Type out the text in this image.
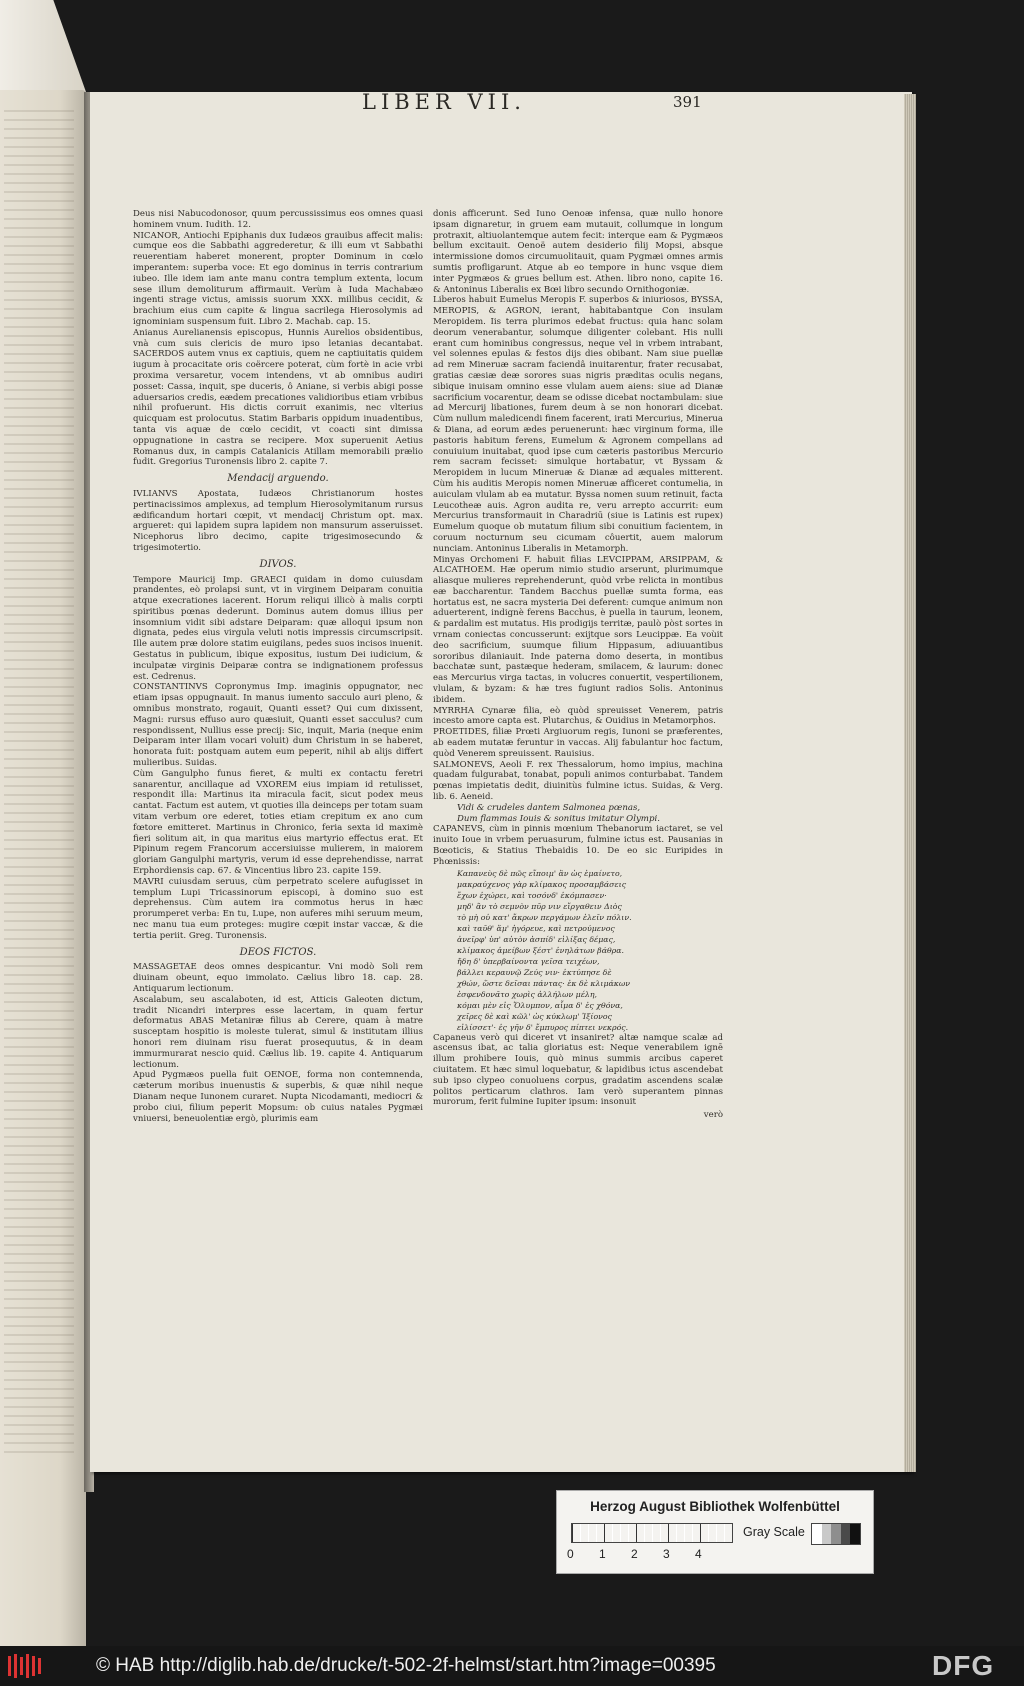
Deus nisi Nabucodonosor, quum percussissimus eos omnes quasi hominem vnum. Iudith. 12.

NICANOR, Antiochi Epiphanis dux Iudæos grauibus affecit malis: cumque eos die Sabbathi aggrederetur, & illi eum vt Sabbathi reuerentiam haberet monerent, propter Dominum in cœlo imperantem: superba voce: Et ego dominus in terris contrarium iubeo. Ille idem iam ante manu contra templum extenta, locum sese illum demoliturum affirmauit. Verùm à Iuda Machabæo ingenti strage victus, amissis suorum XXX. millibus cecidit, & brachium eius cum capite & lingua sacrilega Hierosolymis ad ignominiam suspensum fuit. Libro 2. Machab. cap. 15.

Anianus Aurelianensis episcopus, Hunnis Aurelios obsidentibus, vnà cum suis clericis de muro ipso letanias decantabat. SACERDOS autem vnus ex captiuis, quem ne captiuitatis quidem iugum à procacitate oris coërcere poterat, cùm fortè in acie vrbi proxima versaretur, vocem intendens, vt ab omnibus audiri posset: Cassa, inquit, spe duceris, ô Aniane, si verbis abigi posse aduersarios credis, eædem precationes validioribus etiam vrbibus nihil profuerunt. His dictis corruit exanimis, nec vlterius quicquam est prolocutus. Statim Barbaris oppidum inuadentibus, tanta vis aquæ de cœlo cecidit, vt coacti sint dimissa oppugnatione in castra se recipere. Mox superuenit Aetius Romanus dux, in campis Catalanicis Atillam memorabili prælio fudit. Gregorius Turonensis libro 2. capite 7.

Mendacij arguendo.

IVLIANVS Apostata, Iudæos Christianorum hostes pertinacissimos amplexus, ad templum Hierosolymitanum rursus ædificandum hortari cœpit, vt mendacij Christum opt. max. argueret: qui lapidem supra lapidem non mansurum asseruisset. Nicephorus libro decimo, capite trigesimosecundo & trigesimotertio.

DIVOS.

Tempore Mauricij Imp. GRAECI quidam in domo cuiusdam prandentes, eò prolapsi sunt, vt in virginem Deiparam conuitia atque execrationes iacerent. Horum reliqui illicò à malis corpti spiritibus pœnas dederunt. Dominus autem domus illius per insomnium vidit sibi adstare Deiparam: quæ alloqui ipsum non dignata, pedes eius virgula veluti notis impressis circumscripsit. Ille autem præ dolore statim euigilans, pedes suos incisos inuenit. Gestatus in publicum, ibique expositus, iustum Dei iudicium, & inculpatæ virginis Deiparæ contra se indignationem professus est. Cedrenus.

CONSTANTINVS Copronymus Imp. imaginis oppugnator, nec etiam ipsas oppugnauit. In manus iumento sacculo auri pleno, & omnibus monstrato, rogauit, Quanti esset? Qui cum dixissent, Magni: rursus effuso auro quæsiuit, Quanti esset sacculus? cum respondissent, Nullius esse precij: Sic, inquit, Maria (neque enim Deiparam inter illam vocari voluit) dum Christum in se haberet, honorata fuit: postquam autem eum peperit, nihil ab alijs differt mulieribus. Suidas.

Cùm Gangulpho funus fieret, & multi ex contactu feretri sanarentur, ancillaque ad VXOREM eius impiam id retulisset, respondit illa: Martinus ita miracula facit, sicut podex meus cantat. Factum est autem, vt quoties illa deinceps per totam suam vitam verbum ore ederet, toties etiam crepitum ex ano cum fœtore emitteret. Martinus in Chronico, feria sexta id maximè fieri solitum ait, in qua maritus eius martyrio effectus erat. Et Pipinum regem Francorum accersiuisse mulierem, in maiorem gloriam Gangulphi martyris, verum id esse deprehendisse, narrat Erphordiensis cap. 67. & Vincentius libro 23. capite 159.

MAVRI cuiusdam seruus, cùm perpetrato scelere aufugisset in templum Lupi Tricassinorum episcopi, à domino suo est deprehensus. Cùm autem ira commotus herus in hæc prorumperet verba: En tu, Lupe, non auferes mihi seruum meum, nec manu tua eum proteges: mugire cœpit instar vaccæ, & die tertia periit. Greg. Turonensis.

DEOS FICTOS.

MASSAGETAE deos omnes despicantur. Vni modò Soli rem diuinam obeunt, equo immolato. Cælius libro 18. cap. 28. Antiquarum lectionum.

Ascalabum, seu ascalaboten, id est, Atticis Galeoten dictum, tradit Nicandri interpres esse lacertam, in quam fertur deformatus ABAS Metaniræ filius ab Cerere, quam à matre susceptam hospitio is moleste tulerat, simul & institutam illius honori rem diuinam risu fuerat prosequutus, & in deam immurmurarat nescio quid. Cælius lib. 19. capite 4. Antiquarum lectionum.

Apud Pygmæos puella fuit OENOE, forma non contemnenda, cæterum moribus inuenustis & superbis, & quæ nihil neque Dianam neque Iunonem curaret. Nupta Nicodamanti, mediocri & probo ciui, filium peperit Mopsum: ob cuius natales Pygmæi vniuersi, beneuolentiæ ergò, plurimis eam

donis afficerunt. Sed Iuno Oenoæ infensa, quæ nullo honore ipsam dignaretur, in gruem eam mutauit, collumque in longum protraxit, altiuolantemque autem fecit: interque eam & Pygmæos bellum excitauit. Oenoë autem desiderio filij Mopsi, absque intermissione domos circumuolitauit, quam Pygmæi omnes armis sumtis profligarunt. Atque ab eo tempore in hunc vsque diem inter Pygmæos & grues bellum est. Athen. libro nono, capite 16. & Antoninus Liberalis ex Bœi libro secundo Ornithogoniæ.

Liberos habuit Eumelus Meropis F. superbos & iniuriosos, BYSSA, MEROPIS, & AGRON, ierant, habitabantque Con insulam Meropidem. Iis terra plurimos edebat fructus: quia hanc solam deorum venerabantur, solumque diligenter colebant. His nulli erant cum hominibus congressus, neque vel in vrbem intrabant, vel solennes epulas & festos dijs dies obibant. Nam siue puellæ ad rem Mineruæ sacram faciendâ inuitarentur, frater recusabat, gratias cæsiæ deæ sorores suas nigris præditas oculis negans, sibique inuisam omnino esse vlulam auem aiens: siue ad Dianæ sacrificium vocarentur, deam se odisse dicebat noctambulam: siue ad Mercurij libationes, furem deum à se non honorari dicebat. Cùm nullum maledicendi finem facerent, irati Mercurius, Minerua & Diana, ad eorum ædes peruenerunt: hæc virginum forma, ille pastoris habitum ferens, Eumelum & Agronem compellans ad conuiuium inuitabat, quod ipse cum cæteris pastoribus Mercurio rem sacram fecisset: simulque hortabatur, vt Byssam & Meropidem in lucum Mineruæ & Dianæ ad æquales mitterent. Cùm his auditis Meropis nomen Mineruæ afficeret contumelia, in auiculam vlulam ab ea mutatur. Byssa nomen suum retinuit, facta Leucotheæ auis. Agron audita re, veru arrepto accurrit: eum Mercurius transformauit in Charadriū (siue is Latinis est rupex) Eumelum quoque ob mutatum filium sibi conuitium facientem, in coruum nocturnum seu cicumam côuertit, auem malorum nunciam. Antoninus Liberalis in Metamorph.

Minyas Orchomeni F. habuit filias LEVCIPPAM, ARSIPPAM, & ALCATHOEM. Hæ operum nimio studio arserunt, plurimumque aliasque mulieres reprehenderunt, quòd vrbe relicta in montibus eæ baccharentur. Tandem Bacchus puellæ sumta forma, eas hortatus est, ne sacra mysteria Dei deferent: cumque animum non aduerterent, indignè ferens Bacchus, è puella in taurum, leonem, & pardalim est mutatus. His prodigijs territæ, paulò pòst sortes in vrnam coniectas concusserunt: exijtque sors Leucippæ. Ea voùit deo sacrificium, suumque filium Hippasum, adiuuantibus sororibus dilaniauit. Inde paterna domo deserta, in montibus bacchatæ sunt, pastæque hederam, smilacem, & laurum: donec eas Mercurius virga tactas, in volucres conuertit, vespertilionem, vlulam, & byzam: & hæ tres fugiunt radios Solis. Antoninus ibidem.

MYRRHA Cynaræ filia, eò quòd spreuisset Venerem, patris incesto amore capta est. Plutarchus, & Ouidius in Metamorphos.

PROETIDES, filiæ Prœti Argiuorum regis, Iunoni se præferentes, ab eadem mutatæ feruntur in vaccas. Alij fabulantur hoc factum, quòd Venerem spreuissent. Rauisius.

SALMONEVS, Aeoli F. rex Thessalorum, homo impius, machina quadam fulgurabat, tonabat, populi animos conturbabat. Tandem pœnas impietatis dedit, diuinitùs fulmine ictus. Suidas, & Verg. lib. 6. Aeneid.

Vidi & crudeles dantem Salmonea pœnas,
Dum flammas Iouis & sonitus imitatur Olympi.

CAPANEVS, cùm in pinnis mœnium Thebanorum iactaret, se vel inuito Ioue in vrbem peruasurum, fulmine ictus est. Pausanias in Bœoticis, & Statius Thebaidis 10. De eo sic Euripides in Phœnissis:

Καπανεὺς δὲ πῶς εἴποιμ' ἂν ὡς ἐμαίνετο,
μακραύχενος γὰρ κλίμακος προσαμβάσεις
ἔχων ἐχώρει, καὶ τοσόνδ' ἐκόμπασεν·
μηδ' ἂν τὸ σεμνὸν πῦρ νιν εἴργαθειν Διὸς
τὸ μὴ οὐ κατ' ἄκρων περγάμων ἑλεῖν πόλιν.
καὶ ταῦθ' ἅμ' ἠγόρευε, καὶ πετρούμενος
ἀνεῖρφ' ὑπ' αὐτὸν ἀσπίδ' εἱλίξας δέμας,
κλίμακος ἀμείβων ξέστ' ἐνηλάτων βάθρα.
ἤδη δ' ὑπερβαίνοντα γεῖσα τειχέων,
βάλλει κεραυνῷ Ζεύς νιν· ἐκτύπησε δὲ
χθών, ὥστε δεῖσαι πάντας· ἐκ δὲ κλιμάκων
ἐσφενδονᾶτο χωρὶς ἀλλήλων μέλη,
κόμαι μὲν εἰς Ὄλυμπον, αἷμα δ' ἐς χθόνα,
χεῖρες δὲ καὶ κῶλ' ὡς κύκλωμ' Ἰξίονος
εἰλίσσετ'· ἐς γῆν δ' ἔμπυρος πίπτει νεκρός.

Capaneus verò qui diceret vt insaniret? altæ namque scalæ ad ascensus ibat, ac talia gloriatus est: Neque venerabilem ignē illum prohibere Iouis, quò minus summis arcibus caperet ciuitatem. Et hæc simul loquebatur, & lapidibus ictus ascendebat sub ipso clypeo conuoluens corpus, gradatim ascendens scalæ politos perticarum clathros. Iam verò superantem pinnas murorum, ferit fulmine Iupiter ipsum: insonuit

verò

LIBER VII.	391
Herzog August Bibliothek Wolfenbüttel
0 1 2 3 4
Gray Scale
© HAB http://diglib.hab.de/drucke/t-502-2f-helmst/start.htm?image=00395	DFG
